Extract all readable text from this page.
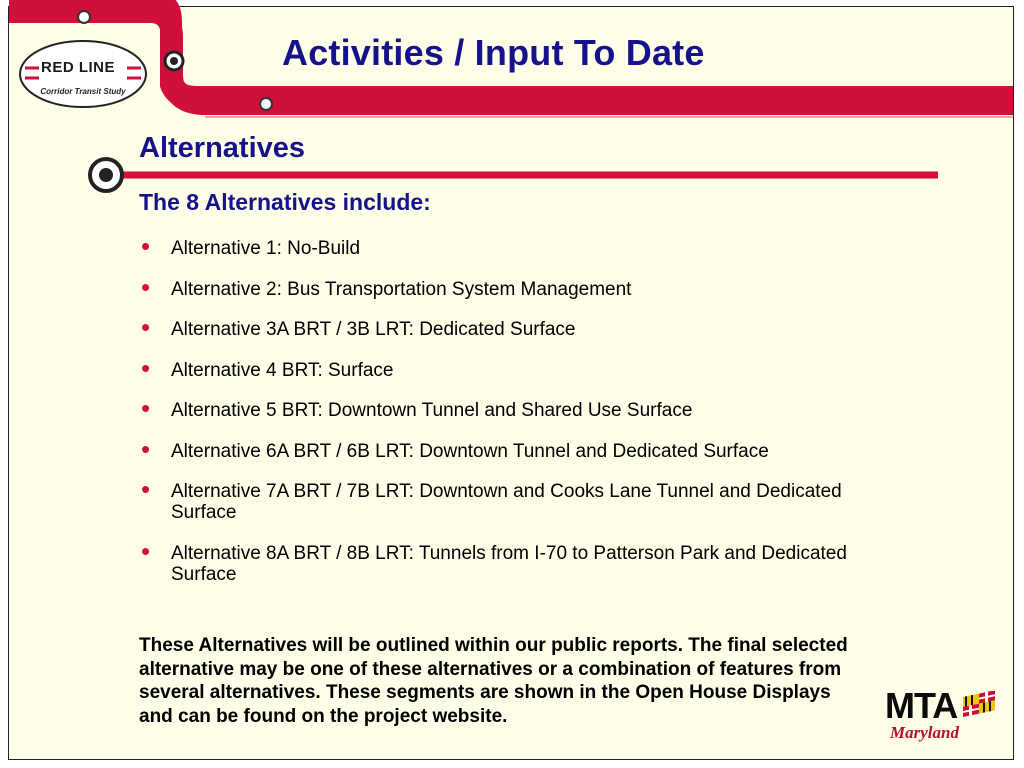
RED LINE
Corridor Transit Study
Activities / Input To Date
Alternatives
The 8 Alternatives include:
• Alternative 1: No-Build
• Alternative 2: Bus Transportation System Management
• Alternative 3A BRT / 3B LRT: Dedicated Surface
• Alternative 4 BRT: Surface
• Alternative 5 BRT: Downtown Tunnel and Shared Use Surface
• Alternative 6A BRT / 6B LRT: Downtown Tunnel and Dedicated Surface
• Alternative 7A BRT / 7B LRT: Downtown and Cooks Lane Tunnel and Dedicated Surface
• Alternative 8A BRT / 8B LRT: Tunnels from I-70 to Patterson Park and Dedicated Surface
These Alternatives will be outlined within our public reports. The final selected alternative may be one of these alternatives or a combination of features from several alternatives. These segments are shown in the Open House Displays and can be found on the project website.	MTA
Maryland
